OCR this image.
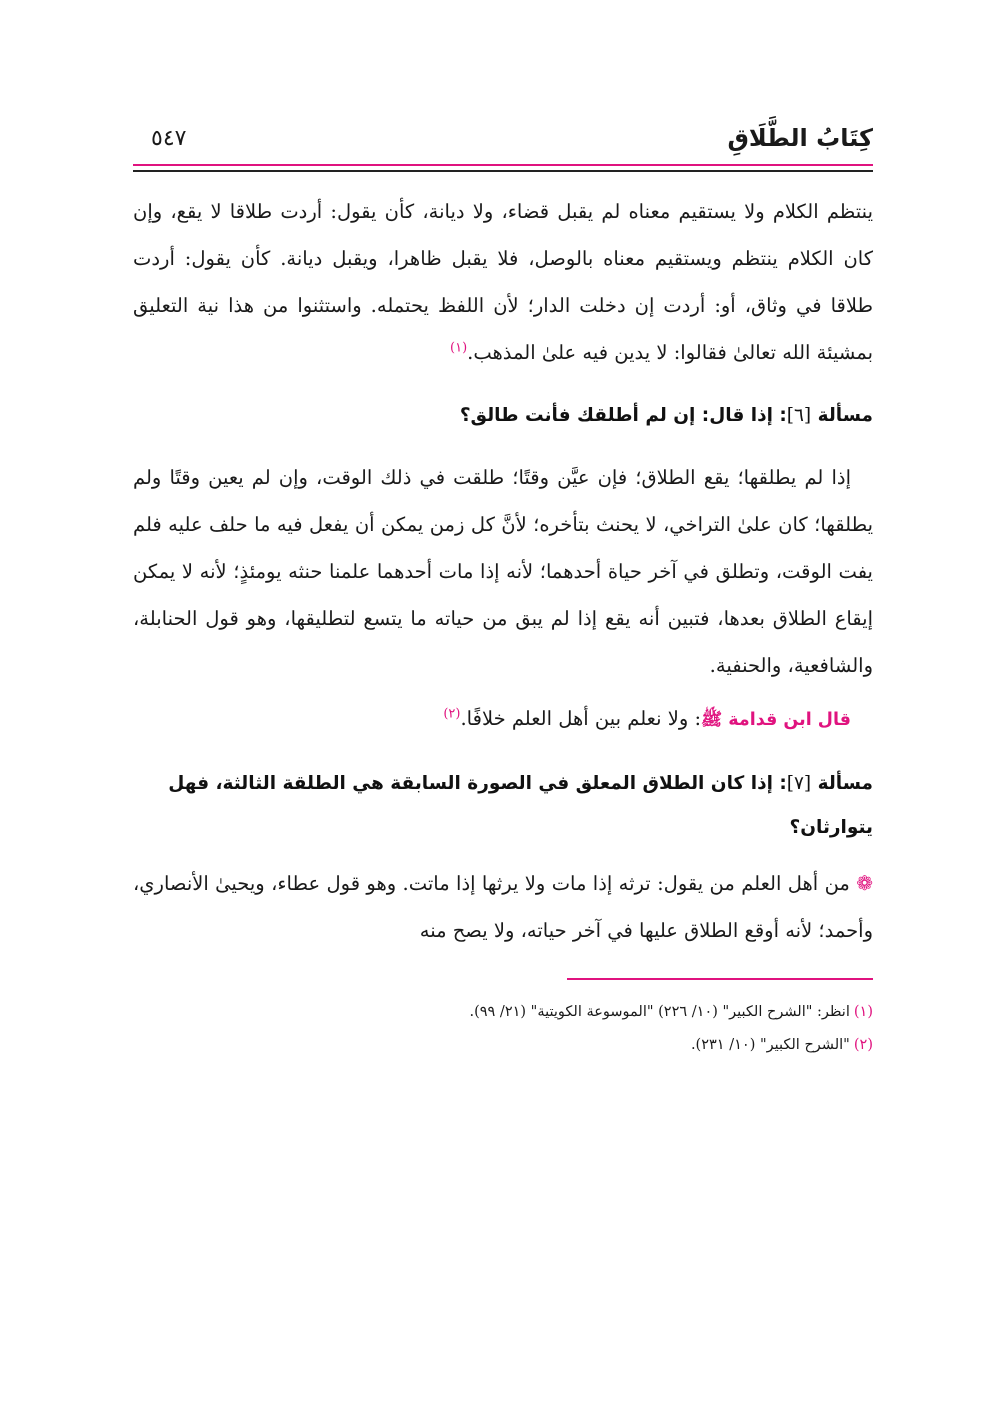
كِتَابُ الطَّلَاقِ
٥٤٧

ينتظم الكلام ولا يستقيم معناه لم يقبل قضاء، ولا ديانة، كأن يقول: أردت طلاقا لا يقع، وإن كان الكلام ينتظم ويستقيم معناه بالوصل، فلا يقبل ظاهرا، ويقبل ديانة. كأن يقول: أردت طلاقا في وثاق، أو: أردت إن دخلت الدار؛ لأن اللفظ يحتمله. واستثنوا من هذا نية التعليق بمشيئة الله تعالىٰ فقالوا: لا يدين فيه علىٰ المذهب.$^{(١)}$

مسألة [٦]: إذا قال: إن لم أطلقك فأنت طالق؟

إذا لم يطلقها؛ يقع الطلاق؛ فإن عيَّن وقتًا؛ طلقت في ذلك الوقت، وإن لم يعين وقتًا ولم يطلقها؛ كان علىٰ التراخي، لا يحنث بتأخره؛ لأنَّ كل زمن يمكن أن يفعل فيه ما حلف عليه فلم يفت الوقت، وتطلق في آخر حياة أحدهما؛ لأنه إذا مات أحدهما علمنا حنثه يومئذٍ؛ لأنه لا يمكن إيقاع الطلاق بعدها، فتبين أنه يقع إذا لم يبق من حياته ما يتسع لتطليقها، وهو قول الحنابلة، والشافعية، والحنفية.

قال ابن قدامة ﷺ: ولا نعلم بين أهل العلم خلافًا.$^{(٢)}$

مسألة [٧]: إذا كان الطلاق المعلق في الصورة السابقة هي الطلقة الثالثة، فهل يتوارثان؟

❁ من أهل العلم من يقول: ترثه إذا مات ولا يرثها إذا ماتت. وهو قول عطاء، ويحيىٰ الأنصاري، وأحمد؛ لأنه أوقع الطلاق عليها في آخر حياته، ولا يصح منه

(١)انظر: "الشرح الكبير" (١٠/ ٢٢٦) "الموسوعة الكويتية" (٢١/ ٩٩).

(٢)"الشرح الكبير" (١٠/ ٢٣١).
